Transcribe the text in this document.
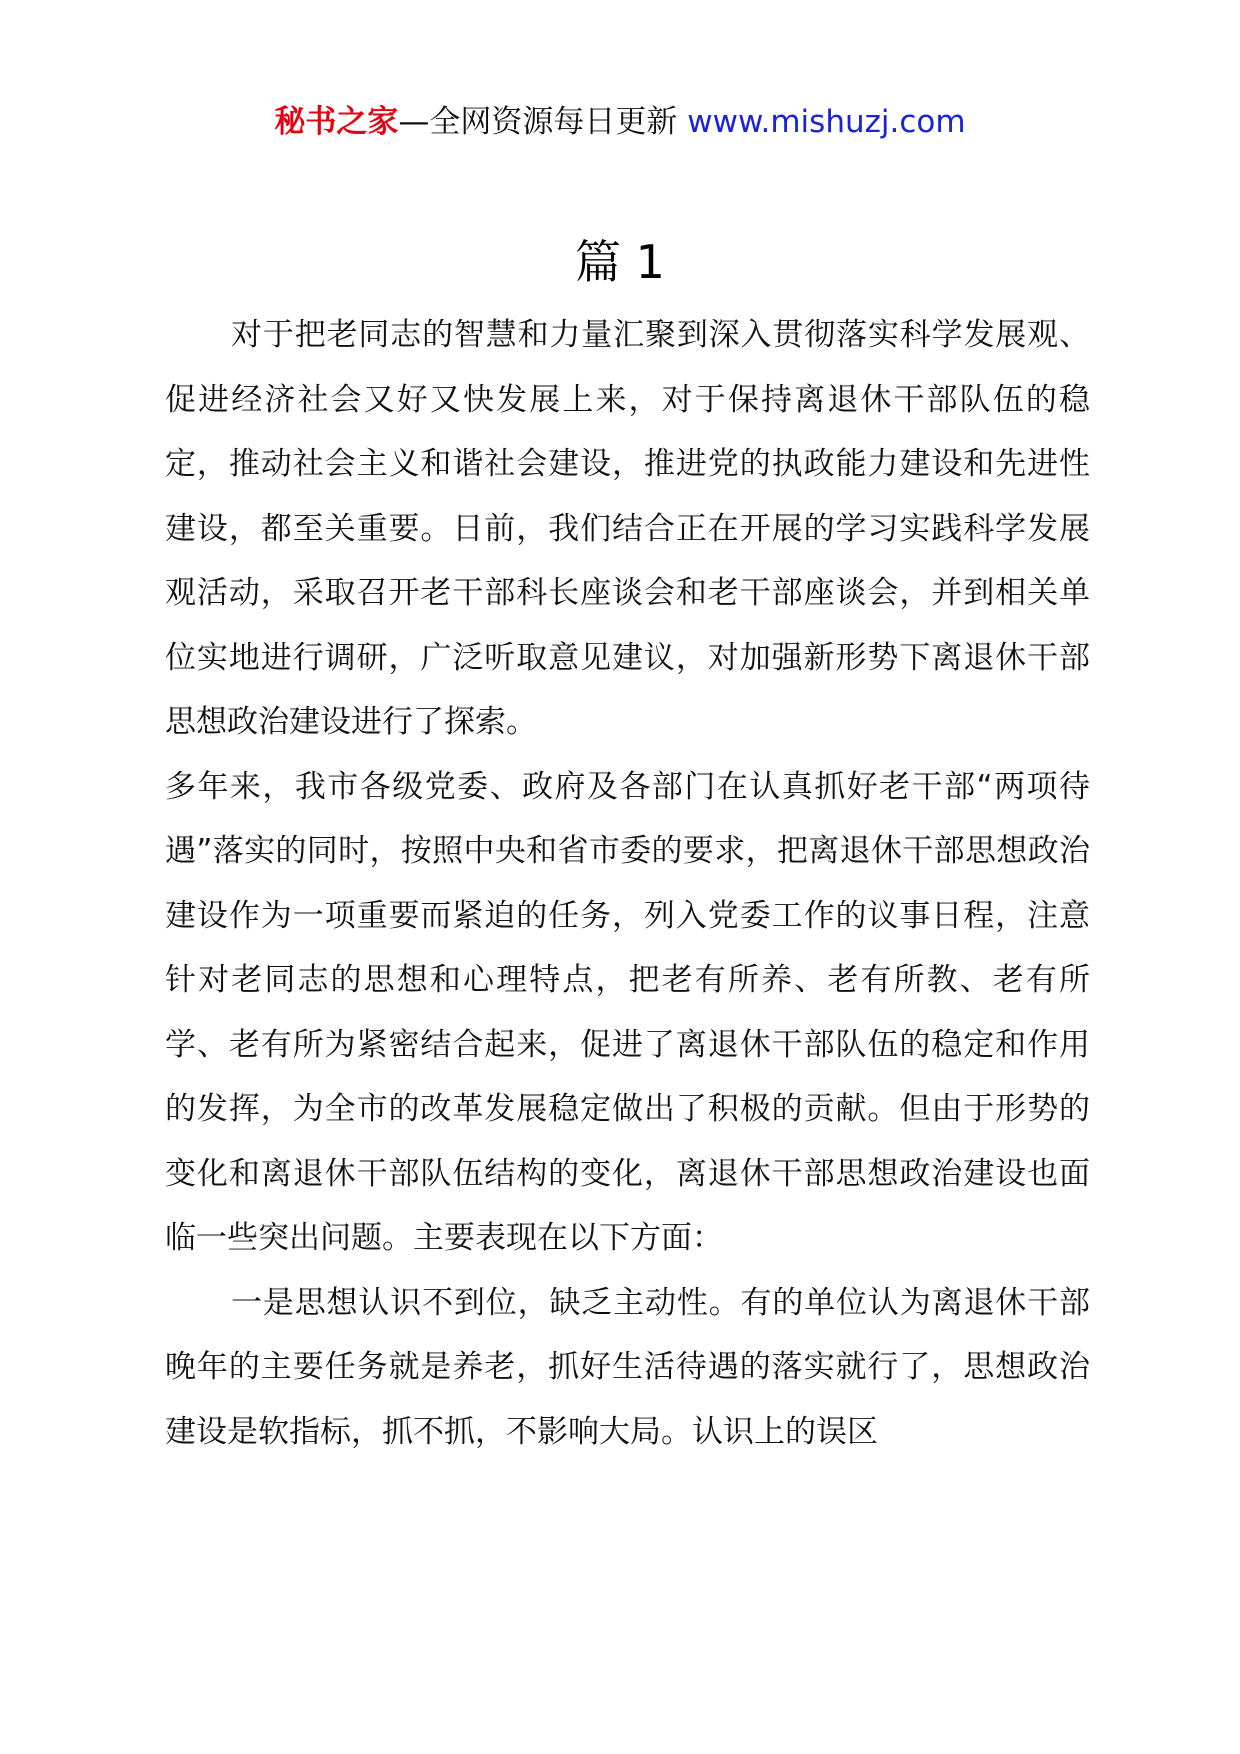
秘书之家—全网资源每日更新 www.mishuzj.com
篇 1

对于把老同志的智慧和力量汇聚到深入贯彻落实科学发展观、促进经济社会又好又快发展上来，对于保持离退休干部队伍的稳定，推动社会主义和谐社会建设，推进党的执政能力建设和先进性建设，都至关重要。日前，我们结合正在开展的学习实践科学发展观活动，采取召开老干部科长座谈会和老干部座谈会，并到相关单位实地进行调研，广泛听取意见建议，对加强新形势下离退休干部思想政治建设进行了探索。

多年来，我市各级党委、政府及各部门在认真抓好老干部“两项待遇”落实的同时，按照中央和省市委的要求，把离退休干部思想政治建设作为一项重要而紧迫的任务，列入党委工作的议事日程，注意针对老同志的思想和心理特点，把老有所养、老有所教、老有所学、老有所为紧密结合起来，促进了离退休干部队伍的稳定和作用的发挥，为全市的改革发展稳定做出了积极的贡献。但由于形势的变化和离退休干部队伍结构的变化，离退休干部思想政治建设也面临一些突出问题。主要表现在以下方面：

一是思想认识不到位，缺乏主动性。有的单位认为离退休干部晚年的主要任务就是养老，抓好生活待遇的落实就行了，思想政治建设是软指标，抓不抓，不影响大局。认识上的误区
